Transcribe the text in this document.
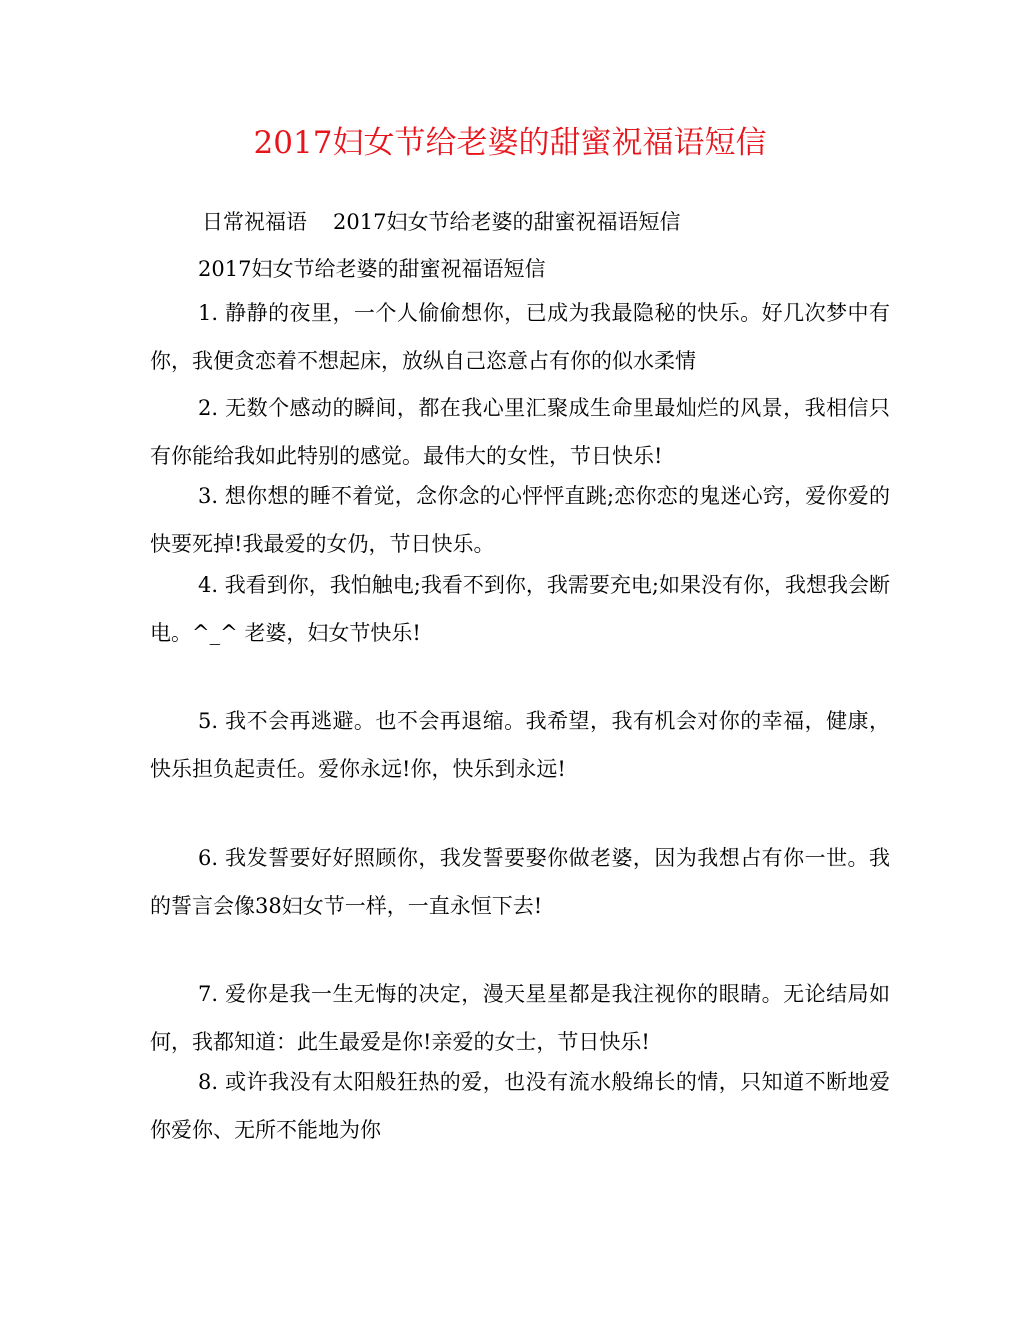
2017妇女节给老婆的甜蜜祝福语短信
日常祝福语 2017妇女节给老婆的甜蜜祝福语短信
2017妇女节给老婆的甜蜜祝福语短信

1. 静静的夜里，一个人偷偷想你，已成为我最隐秘的快乐。好几次梦中有你，我便贪恋着不想起床，放纵自己恣意占有你的似水柔情

2. 无数个感动的瞬间，都在我心里汇聚成生命里最灿烂的风景，我相信只有你能给我如此特别的感觉。最伟大的女性，节日快乐!

3. 想你想的睡不着觉，念你念的心怦怦直跳;恋你恋的鬼迷心窍，爱你爱的快要死掉!我最爱的女仍，节日快乐。

4. 我看到你，我怕触电;我看不到你，我需要充电;如果没有你，我想我会断电。^_^ 老婆，妇女节快乐!

5. 我不会再逃避。也不会再退缩。我希望，我有机会对你的幸福，健康，快乐担负起责任。爱你永远!你，快乐到永远!

6. 我发誓要好好照顾你，我发誓要娶你做老婆，因为我想占有你一世。我的誓言会像38妇女节一样，一直永恒下去!

7. 爱你是我一生无悔的决定，漫天星星都是我注视你的眼睛。无论结局如何，我都知道：此生最爱是你!亲爱的女士，节日快乐!

8. 或许我没有太阳般狂热的爱，也没有流水般绵长的情，只知道不断地爱你爱你、无所不能地为你
